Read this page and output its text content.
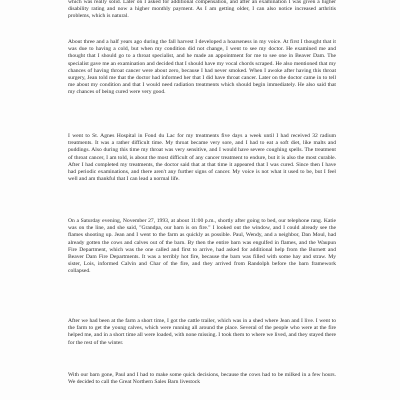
which was really solid. Later on I asked for additional compensation, and after an examination I was given a higher disability rating and now a higher monthly payment. As I am getting older, I can also notice increased arthritis problems, which is natural.

About three and a half years ago during the fall harvest I developed a hoarseness in my voice. At first I thought that it was due to having a cold, but when my condition did not change, I went to see my doctor. He examined me and thought that I should go to a throat specialist, and he made an appointment for me to see one in Beaver Dam. The specialist gave me an examination and decided that I should have my vocal chords scraped. He also mentioned that my chances of having throat cancer were about zero, because I had never smoked. When I awoke after having this throat surgery, Jean told me that the doctor had informed her that I did have throat cancer. Later on the doctor came in to tell me about my condition and that I would need radiation treatments which should begin immediately. He also said that my chances of being cured were very good.

I went to St. Agnes Hospital in Fond du Lac for my treatments five days a week until I had received 32 radium treatments. It was a rather difficult time. My throat became very sore, and I had to eat a soft diet, like malts and puddings. Also during this time my throat was very sensitive, and I would have severe coughing spells. The treatment of throat cancer, I am told, is about the most difficult of any cancer treatment to endure, but it is also the most curable. After I had completed my treatments, the doctor said that at that time it appeared that I was cured. Since then I have had periodic examinations, and there aren't any further signs of cancer. My voice is not what it used to be, but I feel well and am thankful that I can lead a normal life.

On a Saturday evening, November 27, 1993, at about 11:00 p.m., shortly after going to bed, our telephone rang. Katie was on the line, and she said, "Grandpa, our barn is on fire." I looked out the window, and I could already see the flames shooting up. Jean and I went to the farm as quickly as possible. Paul, Wendy, and a neighbor, Dan Moul, had already gotten the cows and calves out of the barn. By then the entire barn was engulfed in flames, and the Waupun Fire Department, which was the one called and first to arrive, had asked for additional help from the Burnett and Beaver Dam Fire Departments. It was a terribly hot fire, because the barn was filled with some hay and straw. My sister, Lois, informed Calvin and Char of the fire, and they arrived from Randolph before the barn framework collapsed.

After we had been at the farm a short time, I got the cattle trailer, which was in a shed where Jean and I live. I went to the farm to get the young calves, which were running all around the place. Several of the people who were at the fire helped me, and in a short time all were loaded, with none missing. I took them to where we lived, and they stayed there for the rest of the winter.

With our barn gone, Paul and I had to make some quick decisions, because the cows had to be milked in a few hours. We decided to call the Great Northern Sales Barn livestock
